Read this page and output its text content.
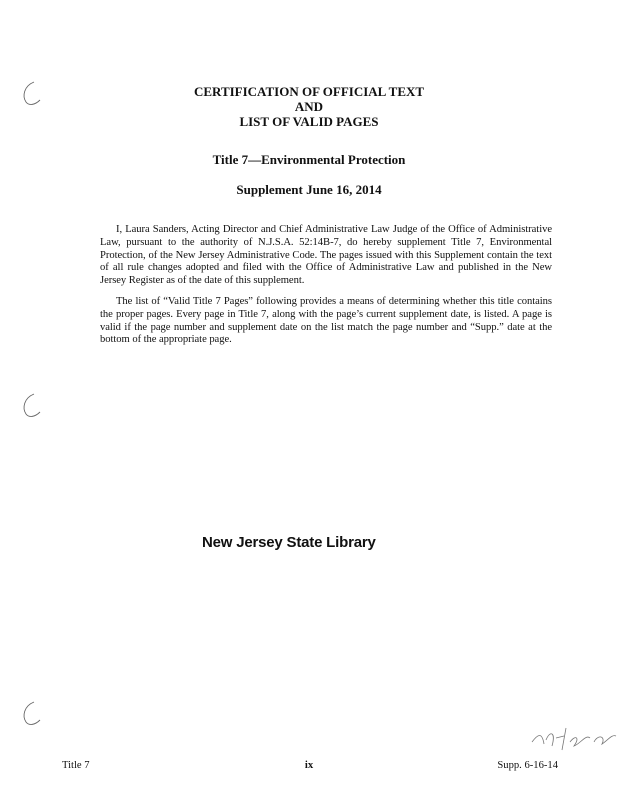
CERTIFICATION OF OFFICIAL TEXT
AND
LIST OF VALID PAGES
Title 7—Environmental Protection
Supplement June 16, 2014

I, Laura Sanders, Acting Director and Chief Administrative Law Judge of the Office of Administrative Law, pursuant to the authority of N.J.S.A. 52:14B-7, do hereby supplement Title 7, Environmental Protection, of the New Jersey Administrative Code. The pages issued with this Supplement contain the text of all rule changes adopted and filed with the Office of Administrative Law and published in the New Jersey Register as of the date of this supplement.

The list of “Valid Title 7 Pages” following provides a means of determining whether this title contains the proper pages. Every page in Title 7, along with the page’s current supplement date, is listed. A page is valid if the page number and supplement date on the list match the page number and “Supp.” date at the bottom of the appropriate page.

New Jersey State Library
Title 7	ix	Supp. 6-16-14
